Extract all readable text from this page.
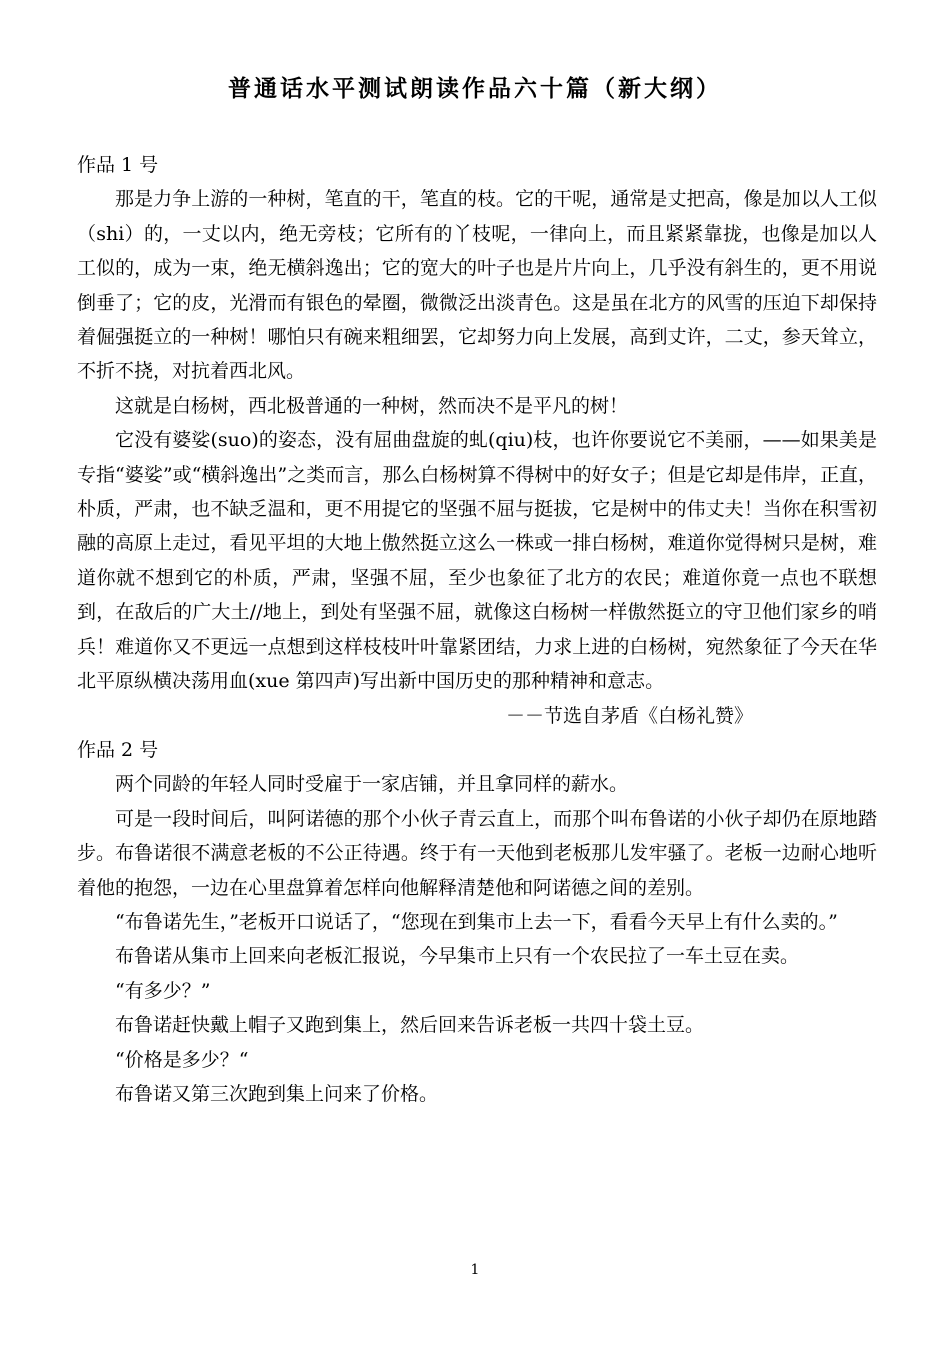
普通话水平测试朗读作品六十篇（新大纲）

作品 1 号

那是力争上游的一种树，笔直的干，笔直的枝。它的干呢，通常是丈把高，像是加以人工似（shi）的，一丈以内，绝无旁枝；它所有的丫枝呢，一律向上，而且紧紧靠拢，也像是加以人工似的，成为一束，绝无横斜逸出；它的宽大的叶子也是片片向上，几乎没有斜生的，更不用说倒垂了；它的皮，光滑而有银色的晕圈，微微泛出淡青色。这是虽在北方的风雪的压迫下却保持着倔强挺立的一种树！哪怕只有碗来粗细罢，它却努力向上发展，高到丈许，二丈，参天耸立，不折不挠，对抗着西北风。

这就是白杨树，西北极普通的一种树，然而决不是平凡的树！

它没有婆娑(suo)的姿态，没有屈曲盘旋的虬(qiu)枝，也许你要说它不美丽，——如果美是专指“婆娑”或“横斜逸出”之类而言，那么白杨树算不得树中的好女子；但是它却是伟岸，正直，朴质，严肃，也不缺乏温和，更不用提它的坚强不屈与挺拔，它是树中的伟丈夫！当你在积雪初融的高原上走过，看见平坦的大地上傲然挺立这么一株或一排白杨树，难道你觉得树只是树，难道你就不想到它的朴质，严肃，坚强不屈，至少也象征了北方的农民；难道你竟一点也不联想到，在敌后的广大土//地上，到处有坚强不屈，就像这白杨树一样傲然挺立的守卫他们家乡的哨兵！难道你又不更远一点想到这样枝枝叶叶靠紧团结，力求上进的白杨树，宛然象征了今天在华北平原纵横决荡用血(xue 第四声)写出新中国历史的那种精神和意志。

－－节选自茅盾《白杨礼赞》

作品 2 号

两个同龄的年轻人同时受雇于一家店铺，并且拿同样的薪水。

可是一段时间后，叫阿诺德的那个小伙子青云直上，而那个叫布鲁诺的小伙子却仍在原地踏步。布鲁诺很不满意老板的不公正待遇。终于有一天他到老板那儿发牢骚了。老板一边耐心地听着他的抱怨，一边在心里盘算着怎样向他解释清楚他和阿诺德之间的差别。

“布鲁诺先生，”老板开口说话了，“您现在到集市上去一下，看看今天早上有什么卖的。”

布鲁诺从集市上回来向老板汇报说，今早集市上只有一个农民拉了一车土豆在卖。

“有多少？”

布鲁诺赶快戴上帽子又跑到集上，然后回来告诉老板一共四十袋土豆。

“价格是多少？“

布鲁诺又第三次跑到集上问来了价格。

1
